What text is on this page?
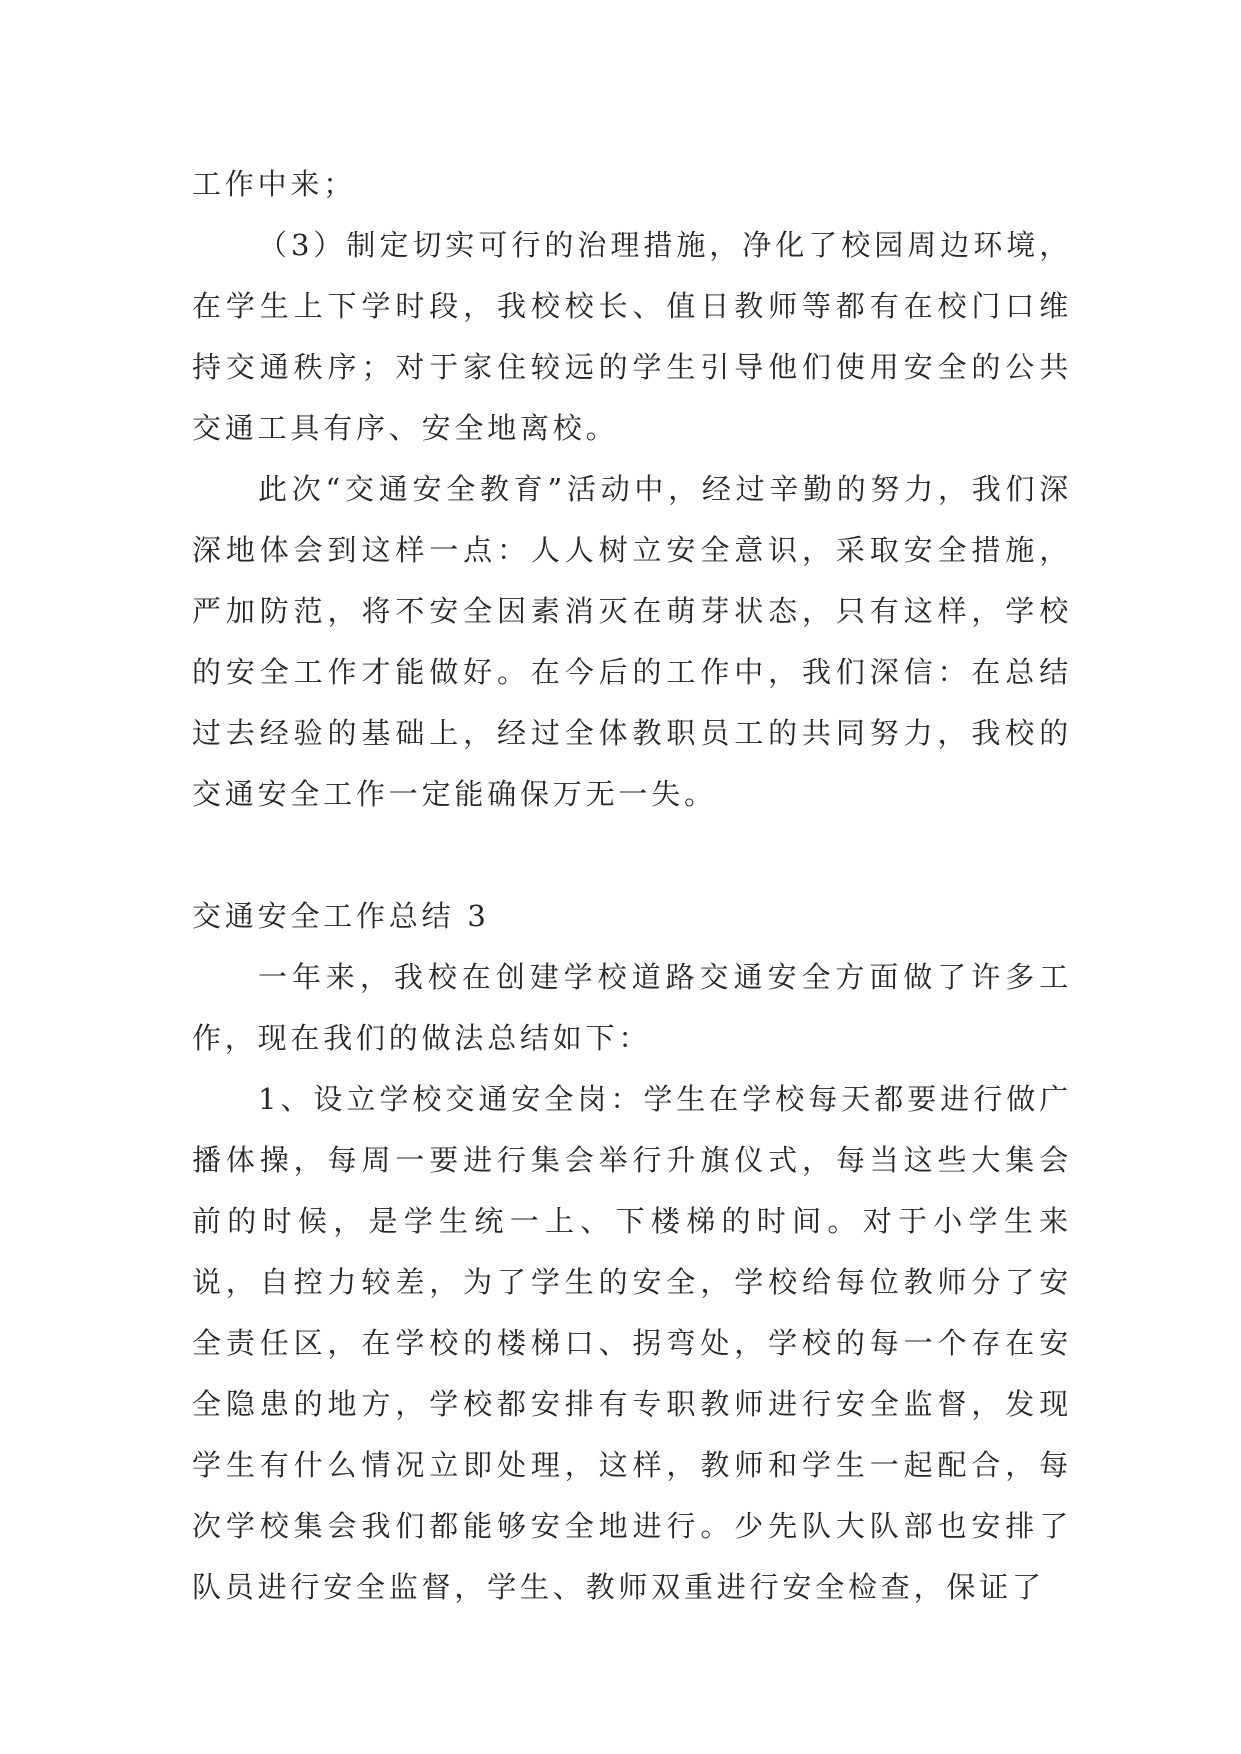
工作中来；

（3）制定切实可行的治理措施，净化了校园周边环境，在学生上下学时段，我校校长、值日教师等都有在校门口维持交通秩序；对于家住较远的学生引导他们使用安全的公共交通工具有序、安全地离校。

此次“交通安全教育”活动中，经过辛勤的努力，我们深深地体会到这样一点：人人树立安全意识，采取安全措施，严加防范，将不安全因素消灭在萌芽状态，只有这样，学校的安全工作才能做好。在今后的工作中，我们深信：在总结过去经验的基础上，经过全体教职员工的共同努力，我校的交通安全工作一定能确保万无一失。

交通安全工作总结 3

一年来，我校在创建学校道路交通安全方面做了许多工作，现在我们的做法总结如下：

1、设立学校交通安全岗：学生在学校每天都要进行做广播体操，每周一要进行集会举行升旗仪式，每当这些大集会前的时候，是学生统一上、下楼梯的时间。对于小学生来说，自控力较差，为了学生的安全，学校给每位教师分了安全责任区，在学校的楼梯口、拐弯处，学校的每一个存在安全隐患的地方，学校都安排有专职教师进行安全监督，发现学生有什么情况立即处理，这样，教师和学生一起配合，每次学校集会我们都能够安全地进行。少先队大队部也安排了队员进行安全监督，学生、教师双重进行安全检查，保证了
